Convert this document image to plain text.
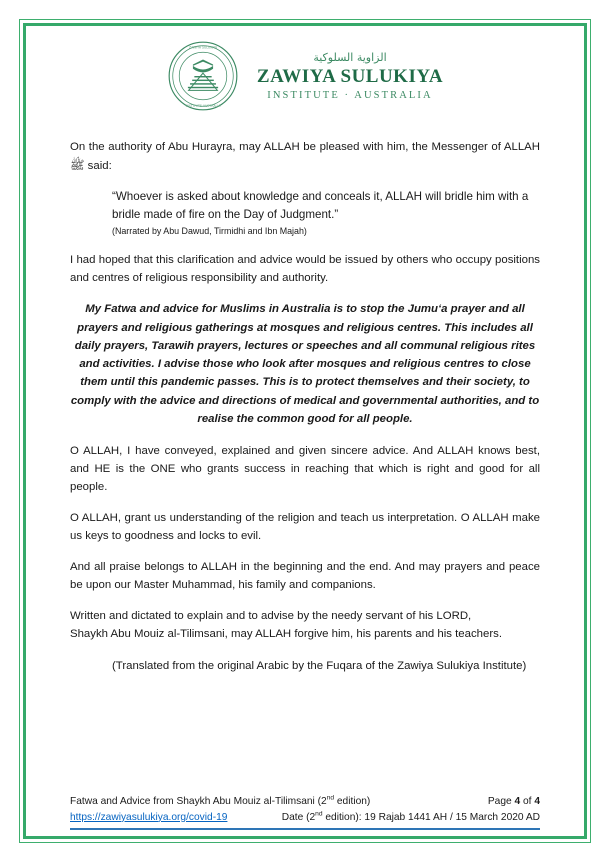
ZAWIYA SULUKIYA
INSTITUTE AUSTRALIA
الزاوية السلوكية
ZAWIYA SULUKIYA
INSTITUTE · AUSTRALIA

On the authority of Abu Hurayra, may ALLAH be pleased with him, the Messenger of ALLAH ﷺ said:

“Whoever is asked about knowledge and conceals it, ALLAH will bridle him with a bridle made of fire on the Day of Judgment.”

(Narrated by Abu Dawud, Tirmidhi and Ibn Majah)

I had hoped that this clarification and advice would be issued by others who occupy positions and centres of religious responsibility and authority.

My Fatwa and advice for Muslims in Australia is to stop the Jumu‘a prayer and all prayers and religious gatherings at mosques and religious centres. This includes all daily prayers, Tarawih prayers, lectures or speeches and all communal religious rites and activities. I advise those who look after mosques and religious centres to close them until this pandemic passes. This is to protect themselves and their society, to comply with the advice and directions of medical and governmental authorities, and to realise the common good for all people.

O ALLAH, I have conveyed, explained and given sincere advice. And ALLAH knows best, and HE is the ONE who grants success in reaching that which is right and good for all people.

O ALLAH, grant us understanding of the religion and teach us interpretation. O ALLAH make us keys to goodness and locks to evil.

And all praise belongs to ALLAH in the beginning and the end. And may prayers and peace be upon our Master Muhammad, his family and companions.

Written and dictated to explain and to advise by the needy servant of his LORD,
Shaykh Abu Mouiz al-Tilimsani, may ALLAH forgive him, his parents and his teachers.

(Translated from the original Arabic by the Fuqara of the Zawiya Sulukiya Institute)

Fatwa and Advice from Shaykh Abu Mouiz al-Tilimsani (2nd edition)	Page 4 of 4
https://zawiyasulukiya.org/covid-19	Date (2nd edition): 19 Rajab 1441 AH / 15 March 2020 AD
